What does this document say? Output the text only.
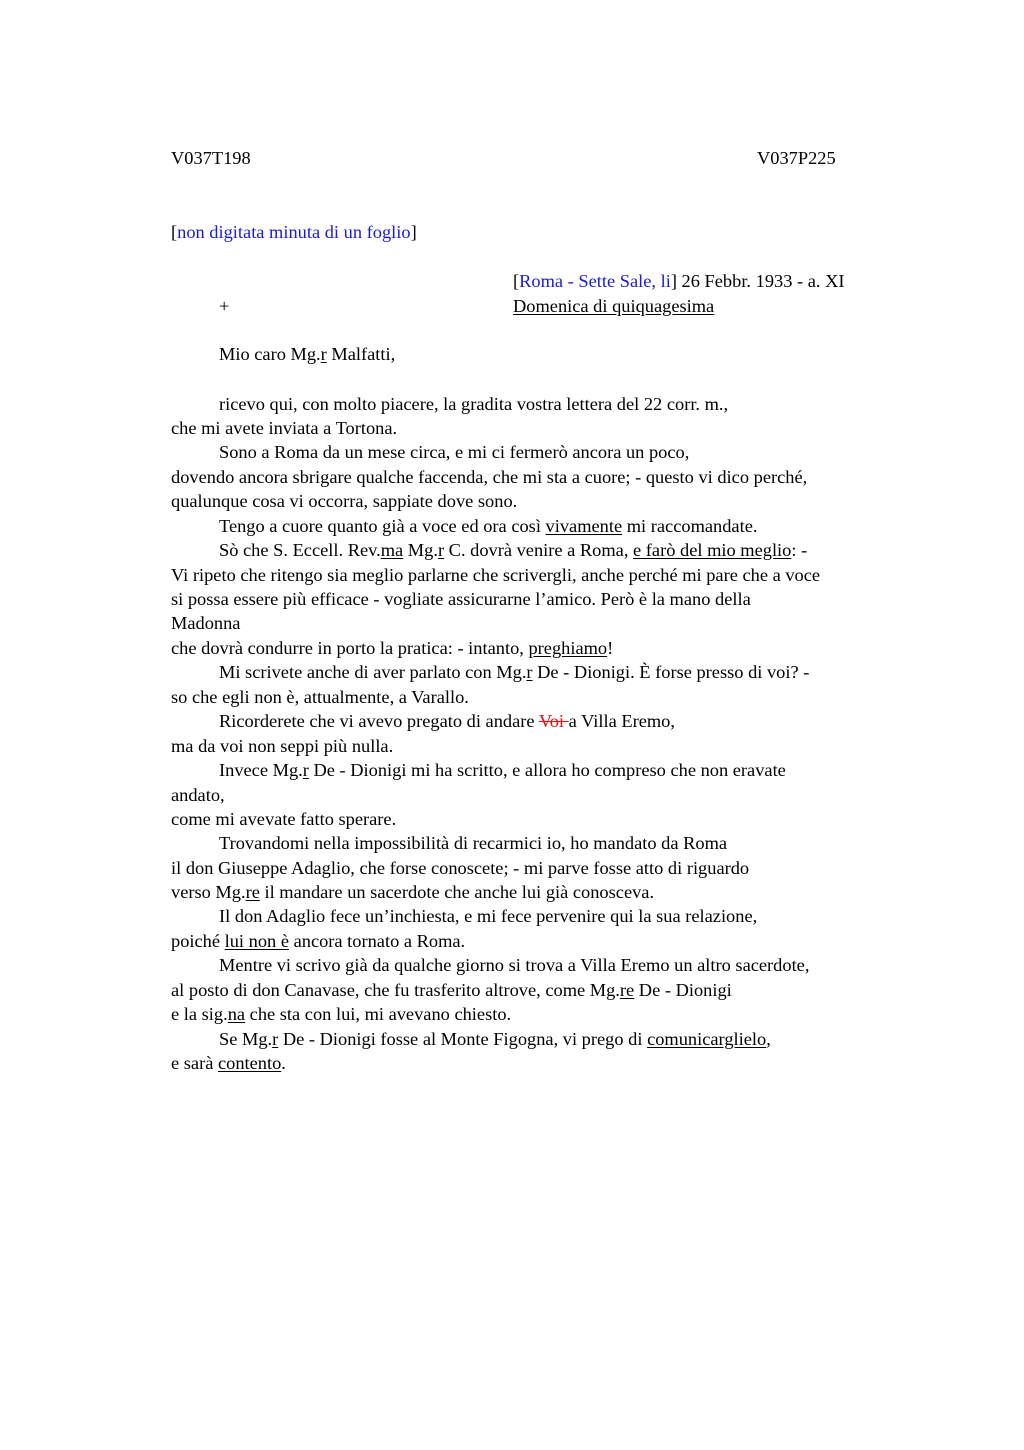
V037T198	V037P225
[non digitata minuta di un foglio]
[Roma - Sette Sale, li] 26 Febbr. 1933 - a. XI
Domenica di quiquagesima
+
Mio caro Mg.r Malfatti,
ricevo qui, con molto piacere, la gradita vostra lettera del 22 corr. m.,
che mi avete inviata a Tortona.
Sono a Roma da un mese circa, e mi ci fermerò ancora un poco,
dovendo ancora sbrigare qualche faccenda, che mi sta a cuore; - questo vi dico perché,
qualunque cosa vi occorra, sappiate dove sono.
Tengo a cuore quanto già a voce ed ora così vivamente mi raccomandate.
Sò che S. Eccell. Rev.ma Mg.r C. dovrà venire a Roma, e farò del mio meglio: -
Vi ripeto che ritengo sia meglio parlarne che scrivergli, anche perché mi pare che a voce
si possa essere più efficace - vogliate assicurarne l’amico. Però è la mano della
Madonna
che dovrà condurre in porto la pratica: - intanto, preghiamo!
Mi scrivete anche di aver parlato con Mg.r De - Dionigi. È forse presso di voi? -
so che egli non è, attualmente, a Varallo.
Ricorderete che vi avevo pregato di andare Voi a Villa Eremo,
ma da voi non seppi più nulla.
Invece Mg.r De - Dionigi mi ha scritto, e allora ho compreso che non eravate
andato,
come mi avevate fatto sperare.
Trovandomi nella impossibilità di recarmici io, ho mandato da Roma
il don Giuseppe Adaglio, che forse conoscete; - mi parve fosse atto di riguardo
verso Mg.re il mandare un sacerdote che anche lui già conosceva.
Il don Adaglio fece un’inchiesta, e mi fece pervenire qui la sua relazione,
poiché lui non è ancora tornato a Roma.
Mentre vi scrivo già da qualche giorno si trova a Villa Eremo un altro sacerdote,
al posto di don Canavase, che fu trasferito altrove, come Mg.re De - Dionigi
e la sig.na che sta con lui, mi avevano chiesto.
Se Mg.r De - Dionigi fosse al Monte Figogna, vi prego di comunicarglielo,
e sarà contento.
